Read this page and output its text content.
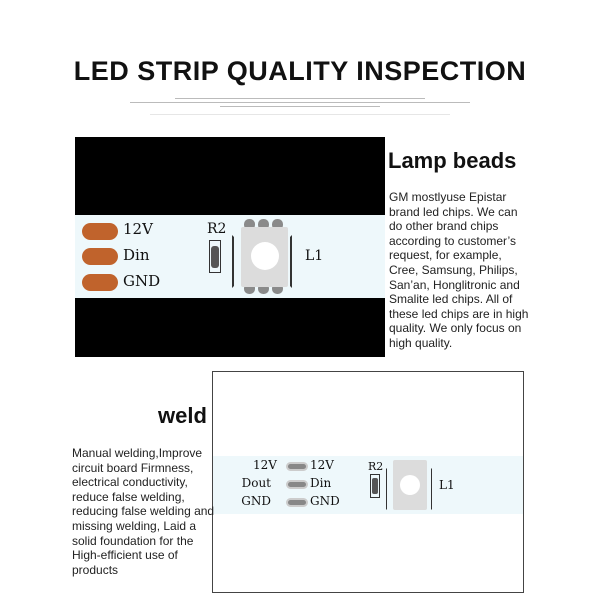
LED STRIP QUALITY INSPECTION
12V
Din
GND
R2
L1
Lamp beads
GM mostlyuse Epistar brand led chips. We can do other brand chips according to customer’s request, for example, Cree, Samsung, Philips, San’an, Honglitronic and Smalite led chips. All of these led chips are in high quality. We only focus on high quality.
12V
Dout
GND
12V
Din
GND
R2
L1
weld
Manual welding,Improve circuit board Firmness, electrical conductivity, reduce false welding, reducing false welding and missing welding, Laid a solid foundation for the High-efficient use of products
